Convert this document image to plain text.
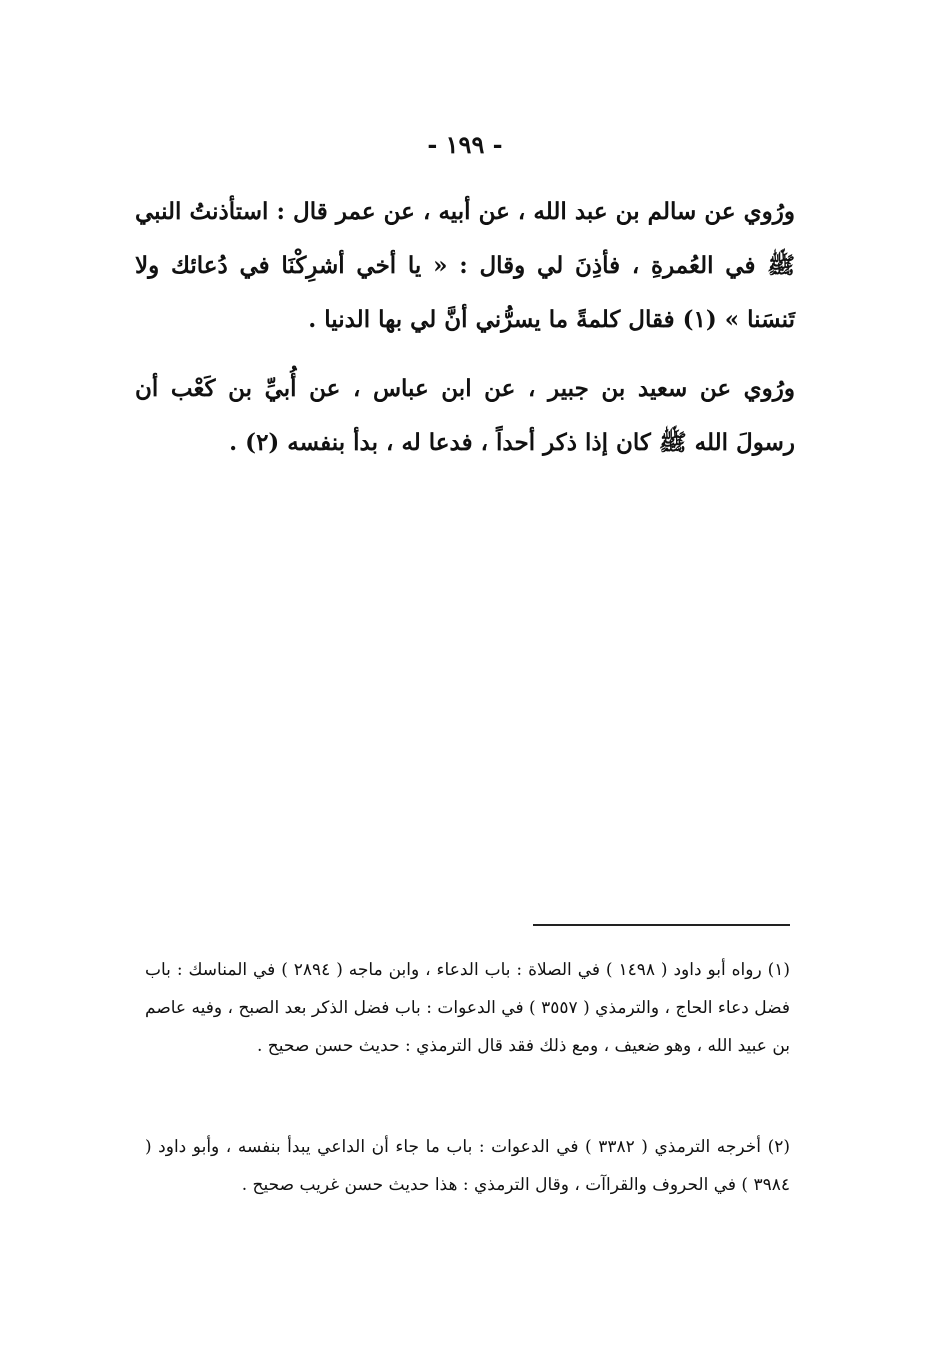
- ١٩٩ -

ورُوي عن سالم بن عبد الله ، عن أبيه ، عن عمر قال : استأذنتُ النبي ﷺ في العُمرةِ ، فأذِنَ لي وقال : « يا أخي أشرِكْنَا في دُعائك ولا تَنسَنا » (١) فقال كلمةً ما يسرُّني أنَّ لي بها الدنيا .

ورُوي عن سعيد بن جبير ، عن ابن عباس ، عن أُبيِّ بن كَعْب أن رسولَ الله ﷺ كان إذا ذكر أحداً ، فدعا له ، بدأ بنفسه (٢) .

(١) رواه أبو داود ( ١٤٩٨ ) في الصلاة : باب الدعاء ، وابن ماجه ( ٢٨٩٤ ) في المناسك : باب فضل دعاء الحاج ، والترمذي ( ٣٥٥٧ ) في الدعوات : باب فضل الذكر بعد الصبح ، وفيه عاصم بن عبيد الله ، وهو ضعيف ، ومع ذلك فقد قال الترمذي : حديث حسن صحيح .

(٢) أخرجه الترمذي ( ٣٣٨٢ ) في الدعوات : باب ما جاء أن الداعي يبدأ بنفسه ، وأبو داود ( ٣٩٨٤ ) في الحروف والقراآت ، وقال الترمذي : هذا حديث حسن غريب صحيح .
